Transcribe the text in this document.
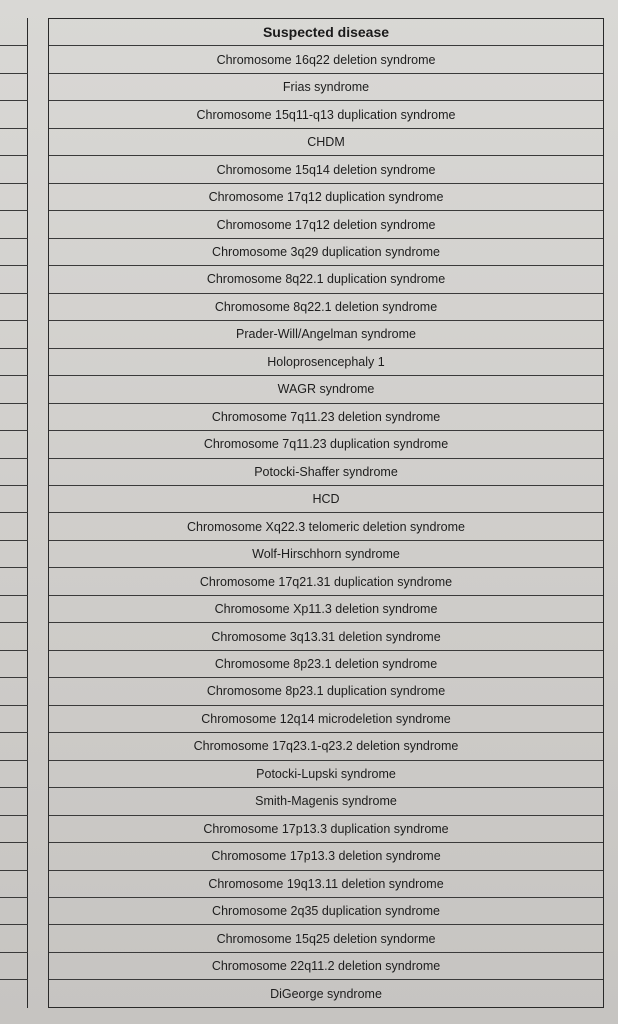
Suspected disease
Chromosome 16q22 deletion syndrome
Frias syndrome
Chromosome 15q11-q13 duplication syndrome
CHDM
Chromosome 15q14 deletion syndrome
Chromosome 17q12 duplication syndrome
Chromosome 17q12 deletion syndrome
Chromosome 3q29 duplication syndrome
Chromosome 8q22.1 duplication syndrome
Chromosome 8q22.1 deletion syndrome
Prader-Will/Angelman syndrome
Holoprosencephaly 1
WAGR syndrome
Chromosome 7q11.23 deletion syndrome
Chromosome 7q11.23 duplication syndrome
Potocki-Shaffer syndrome
HCD
Chromosome Xq22.3 telomeric deletion syndrome
Wolf-Hirschhorn syndrome
Chromosome 17q21.31 duplication syndrome
Chromosome Xp11.3 deletion syndrome
Chromosome 3q13.31 deletion syndrome
Chromosome 8p23.1 deletion syndrome
Chromosome 8p23.1 duplication syndrome
Chromosome 12q14 microdeletion syndrome
Chromosome 17q23.1-q23.2 deletion syndrome
Potocki-Lupski syndrome
Smith-Magenis syndrome
Chromosome 17p13.3 duplication syndrome
Chromosome 17p13.3 deletion syndrome
Chromosome 19q13.11 deletion syndrome
Chromosome 2q35 duplication syndrome
Chromosome 15q25 deletion syndorme
Chromosome 22q11.2 deletion syndrome
DiGeorge syndrome
